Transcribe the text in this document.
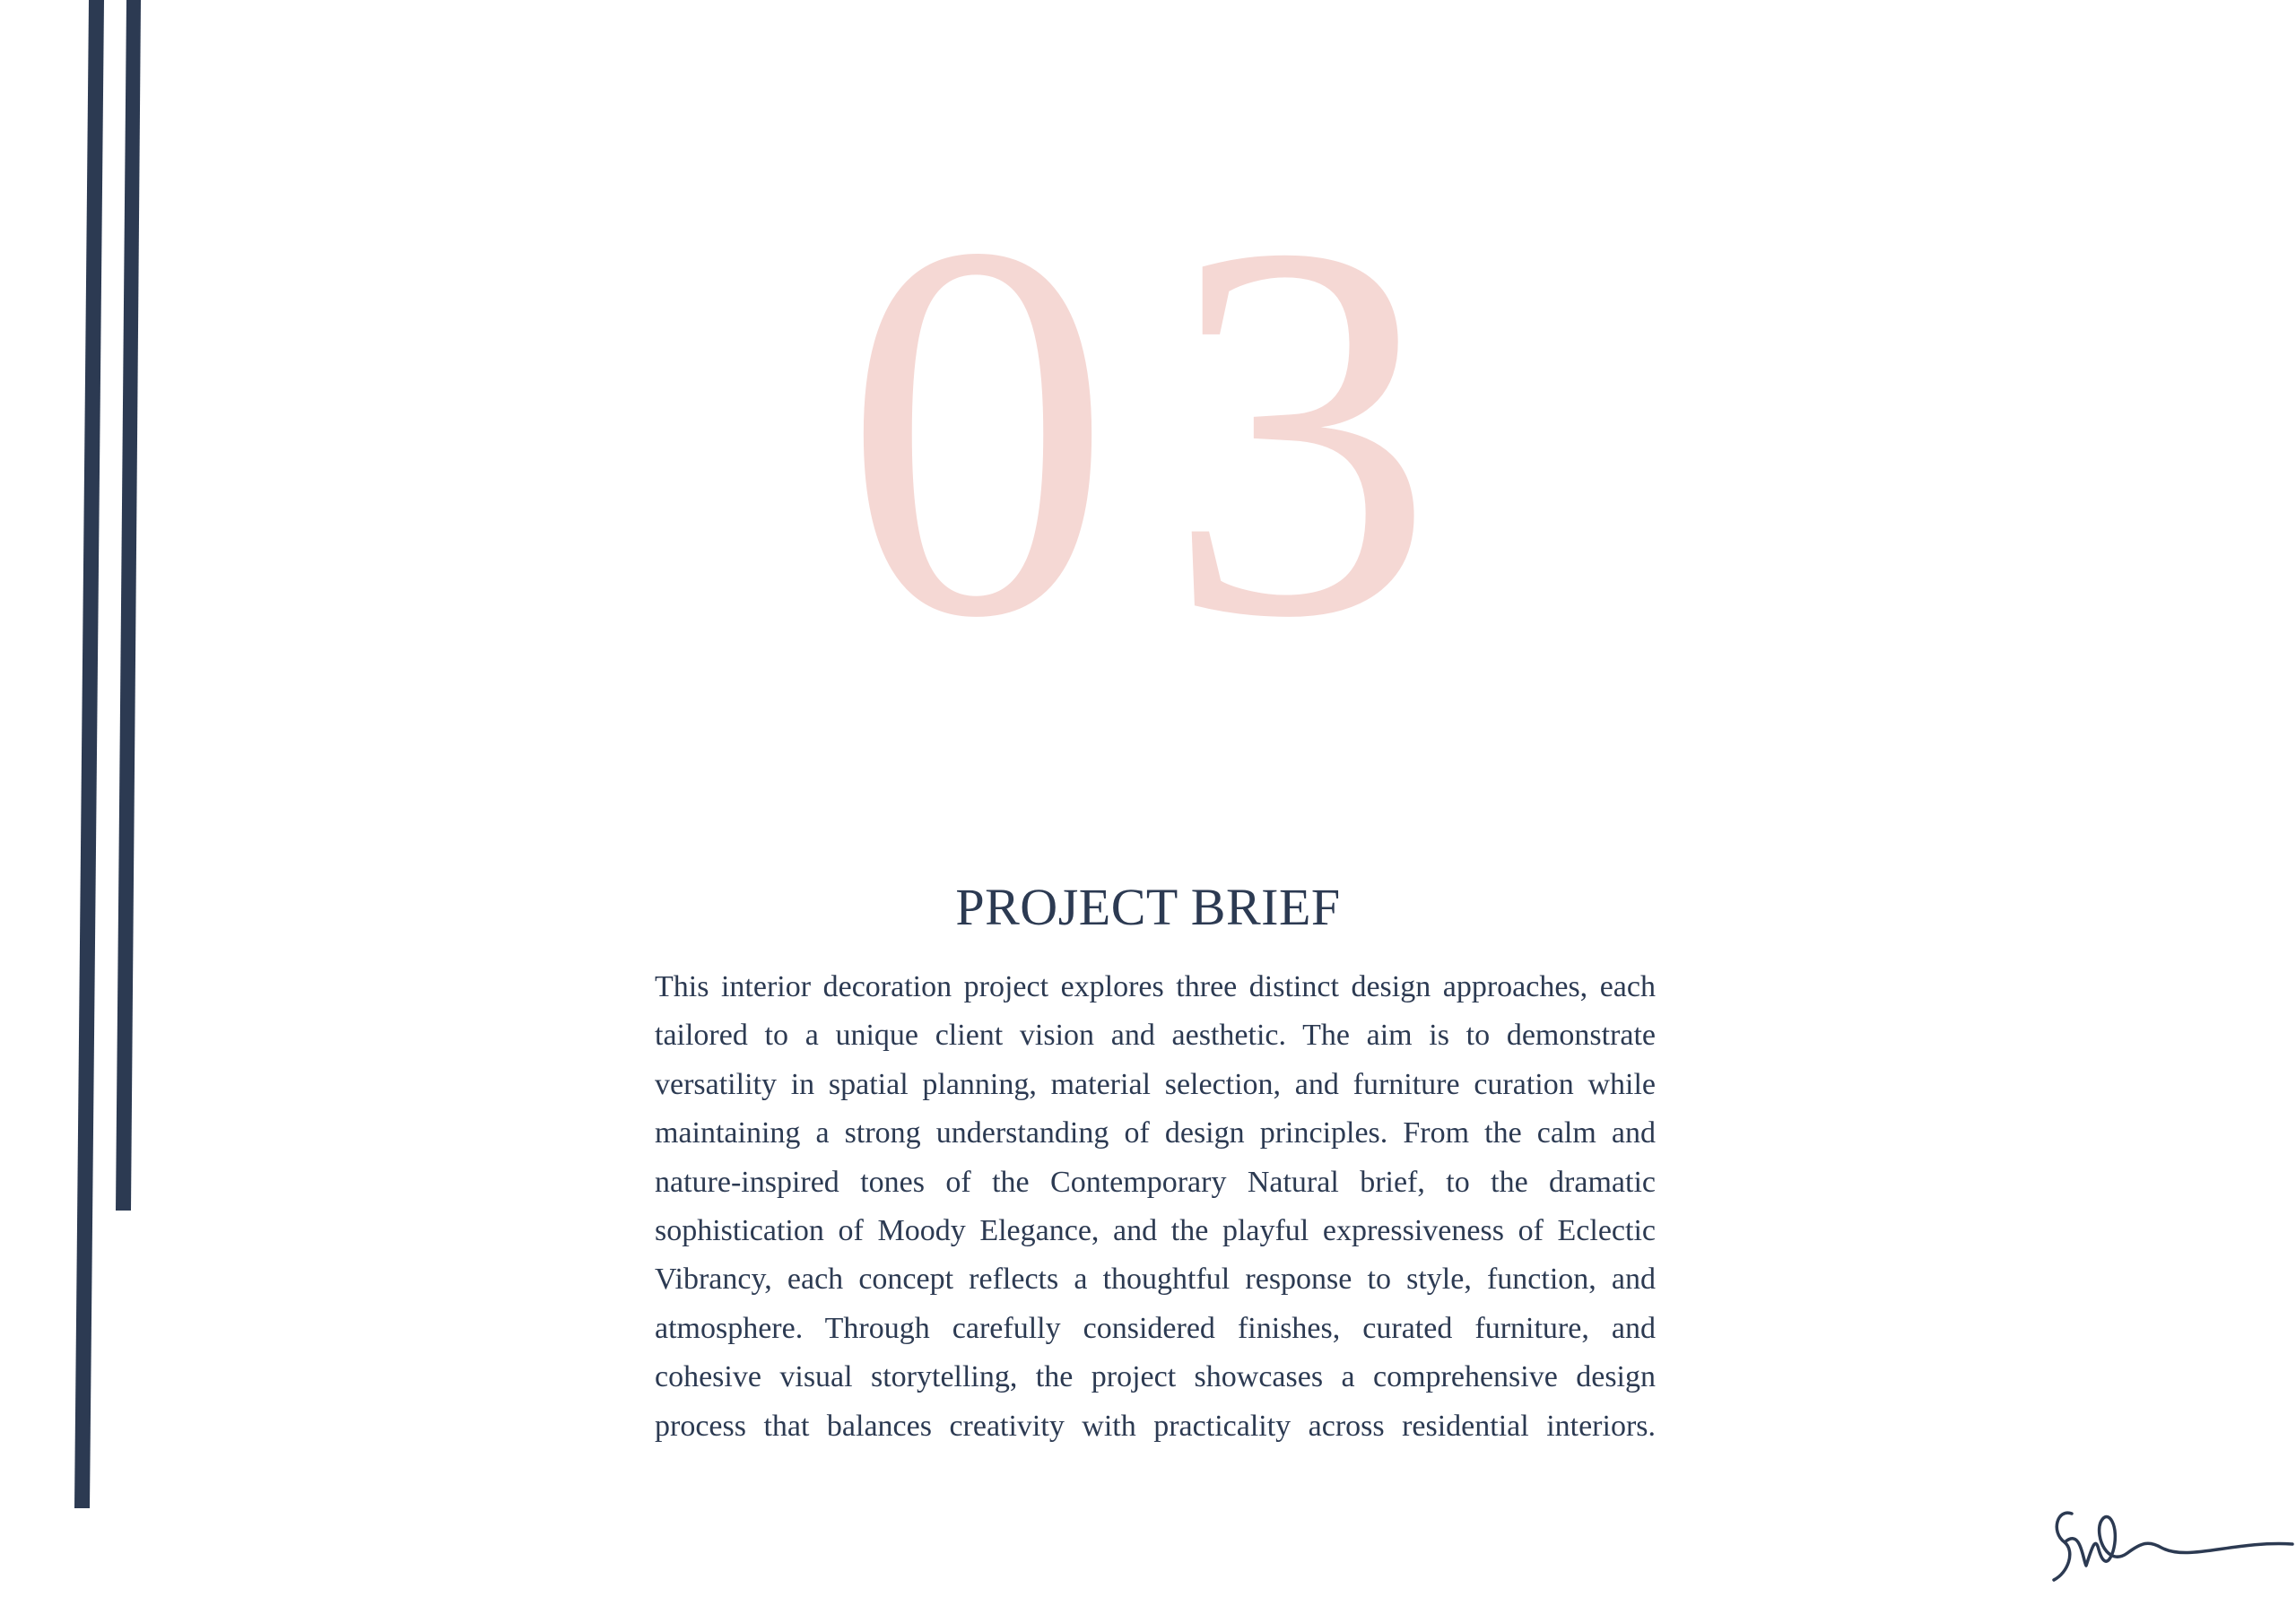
03
PROJECT BRIEF

This interior decoration project explores three distinct design approaches, each tailored to a unique client vision and aesthetic. The aim is to demonstrate versatility in spatial planning, material selection, and furniture curation while maintaining a strong understanding of design principles. From the calm and nature-inspired tones of the Contemporary Natural brief, to the dramatic sophistication of Moody Elegance, and the playful expressiveness of Eclectic Vibrancy, each concept reflects a thoughtful response to style, function, and atmosphere. Through carefully considered finishes, curated furniture, and cohesive visual storytelling, the project showcases a comprehensive design process that balances creativity with practicality across residential interiors.
